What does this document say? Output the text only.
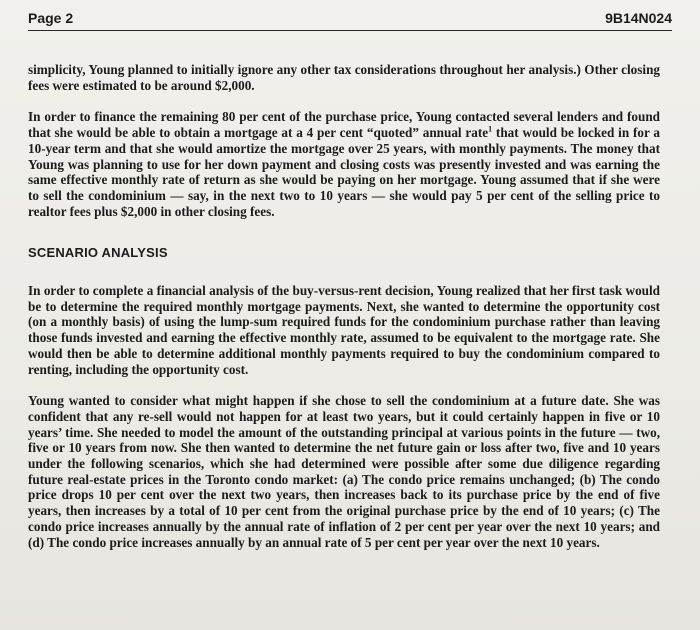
Page 2	9B14N024

simplicity, Young planned to initially ignore any other tax considerations throughout her analysis.) Other closing fees were estimated to be around $2,000.

In order to finance the remaining 80 per cent of the purchase price, Young contacted several lenders and found that she would be able to obtain a mortgage at a 4 per cent “quoted” annual rate$^1$ that would be locked in for a 10-year term and that she would amortize the mortgage over 25 years, with monthly payments. The money that Young was planning to use for her down payment and closing costs was presently invested and was earning the same effective monthly rate of return as she would be paying on her mortgage. Young assumed that if she were to sell the condominium — say, in the next two to 10 years — she would pay 5 per cent of the selling price to realtor fees plus $2,000 in other closing fees.

SCENARIO ANALYSIS

In order to complete a financial analysis of the buy-versus-rent decision, Young realized that her first task would be to determine the required monthly mortgage payments. Next, she wanted to determine the opportunity cost (on a monthly basis) of using the lump-sum required funds for the condominium purchase rather than leaving those funds invested and earning the effective monthly rate, assumed to be equivalent to the mortgage rate. She would then be able to determine additional monthly payments required to buy the condominium compared to renting, including the opportunity cost.

Young wanted to consider what might happen if she chose to sell the condominium at a future date. She was confident that any re-sell would not happen for at least two years, but it could certainly happen in five or 10 years’ time. She needed to model the amount of the outstanding principal at various points in the future — two, five or 10 years from now. She then wanted to determine the net future gain or loss after two, five and 10 years under the following scenarios, which she had determined were possible after some due diligence regarding future real-estate prices in the Toronto condo market: (a) The condo price remains unchanged; (b) The condo price drops 10 per cent over the next two years, then increases back to its purchase price by the end of five years, then increases by a total of 10 per cent from the original purchase price by the end of 10 years; (c) The condo price increases annually by the annual rate of inflation of 2 per cent per year over the next 10 years; and (d) The condo price increases annually by an annual rate of 5 per cent per year over the next 10 years.
